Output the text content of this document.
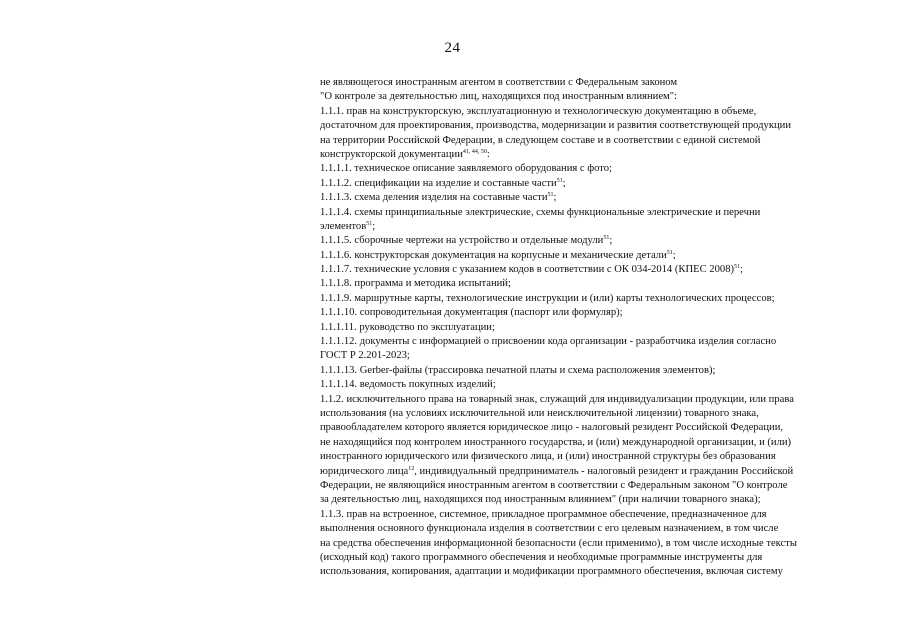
24
не являющегося иностранным агентом в соответствии с Федеральным законом
"О контроле за деятельностью лиц, находящихся под иностранным влиянием":
1.1.1. прав на конструкторскую, эксплуатационную и технологическую документацию в объеме,
достаточном для проектирования, производства, модернизации и развития соответствующей продукции
на территории Российской Федерации, в следующем составе и в соответствии с единой системой
конструкторской документации$^{41, 44, 50}$:
1.1.1.1. техническое описание заявляемого оборудования с фото;
1.1.1.2. спецификации на изделие и составные части$^{51}$;
1.1.1.3. схема деления изделия на составные части$^{51}$;
1.1.1.4. схемы принципиальные электрические, схемы функциональные электрические и перечни
элементов$^{51}$;
1.1.1.5. сборочные чертежи на устройство и отдельные модули$^{51}$;
1.1.1.6. конструкторская документация на корпусные и механические детали$^{51}$;
1.1.1.7. технические условия с указанием кодов в соответствии с ОК 034-2014 (КПЕС 2008)$^{51}$;
1.1.1.8. программа и методика испытаний;
1.1.1.9. маршрутные карты, технологические инструкции и (или) карты технологических процессов;
1.1.1.10. сопроводительная документация (паспорт или формуляр);
1.1.1.11. руководство по эксплуатации;
1.1.1.12. документы с информацией о присвоении кода организации - разработчика изделия согласно
ГОСТ Р 2.201-2023;
1.1.1.13. Gerber-файлы (трассировка печатной платы и схема расположения элементов);
1.1.1.14. ведомость покупных изделий;
1.1.2. исключительного права на товарный знак, служащий для индивидуализации продукции, или права
использования (на условиях исключительной или неисключительной лицензии) товарного знака,
правообладателем которого является юридическое лицо - налоговый резидент Российской Федерации,
не находящийся под контролем иностранного государства, и (или) международной организации, и (или)
иностранного юридического или физического лица, и (или) иностранной структуры без образования
юридического лица$^{12}$, индивидуальный предприниматель - налоговый резидент и гражданин Российской
Федерации, не являющийся иностранным агентом в соответствии с Федеральным законом "О контроле
за деятельностью лиц, находящихся под иностранным влиянием" (при наличии товарного знака);
1.1.3. прав на встроенное, системное, прикладное программное обеспечение, предназначенное для
выполнения основного функционала изделия в соответствии с его целевым назначением, в том числе
на средства обеспечения информационной безопасности (если применимо), в том числе исходные тексты
(исходный код) такого программного обеспечения и необходимые программные инструменты для
использования, копирования, адаптации и модификации программного обеспечения, включая систему
